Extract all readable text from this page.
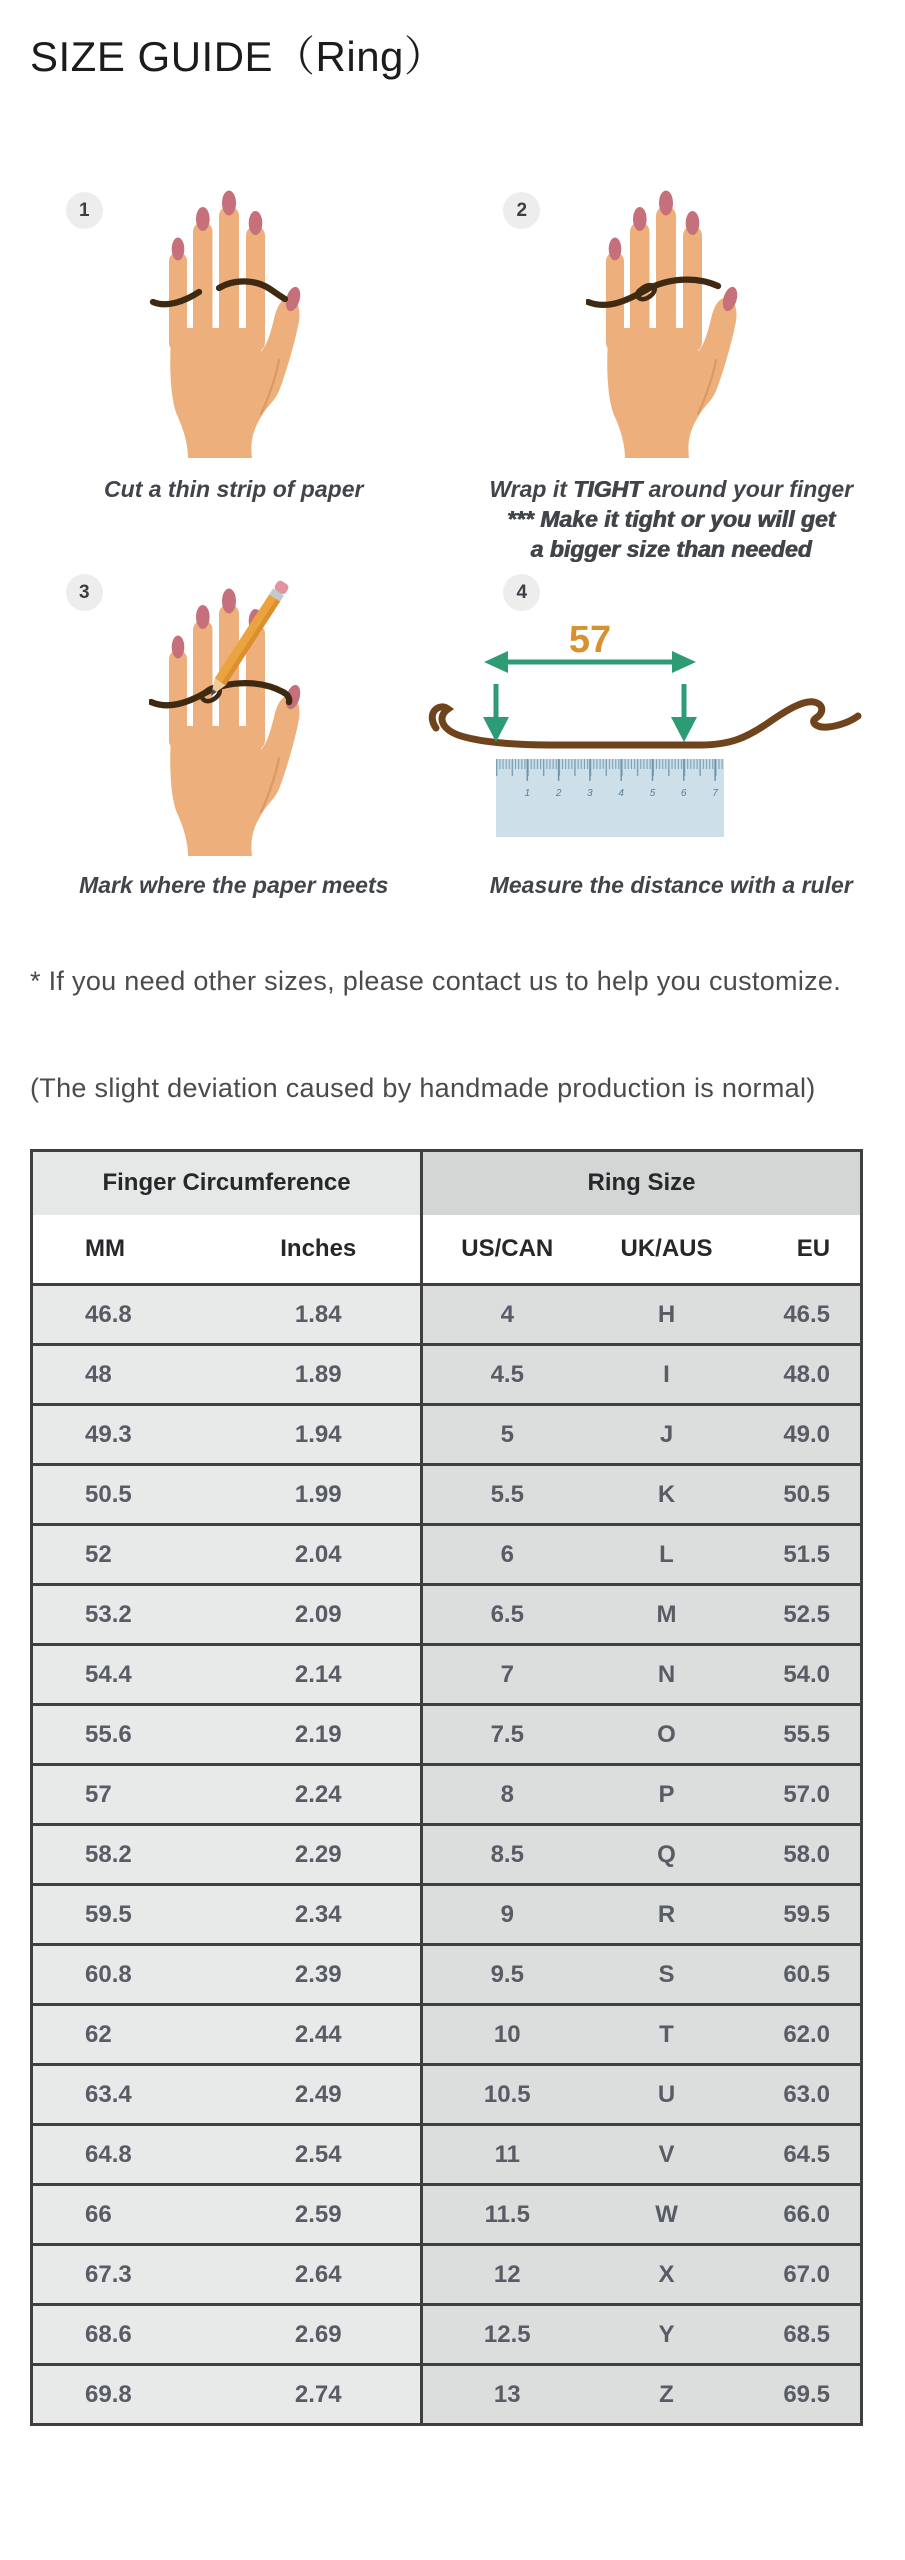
SIZE GUIDE（Ring）
1
Cut a thin strip of paper
2
Wrap it TIGHT around your finger
*** Make it tight or you will get
a bigger size than needed
3
Mark where the paper meets
4
1	2	3	4	5	6	7
57
Measure the distance with a ruler

* If you need other sizes, please contact us to help you customize.

(The slight deviation caused by handmade production is normal)

Finger Circumference		Ring Size		
MM	Inches	US/CAN	UK/AUS	EU
46.8	1.84	4	H	46.5
48	1.89	4.5	I	48.0
49.3	1.94	5	J	49.0
50.5	1.99	5.5	K	50.5
52	2.04	6	L	51.5
53.2	2.09	6.5	M	52.5
54.4	2.14	7	N	54.0
55.6	2.19	7.5	O	55.5
57	2.24	8	P	57.0
58.2	2.29	8.5	Q	58.0
59.5	2.34	9	R	59.5
60.8	2.39	9.5	S	60.5
62	2.44	10	T	62.0
63.4	2.49	10.5	U	63.0
64.8	2.54	11	V	64.5
66	2.59	11.5	W	66.0
67.3	2.64	12	X	67.0
68.6	2.69	12.5	Y	68.5
69.8	2.74	13	Z	69.5
